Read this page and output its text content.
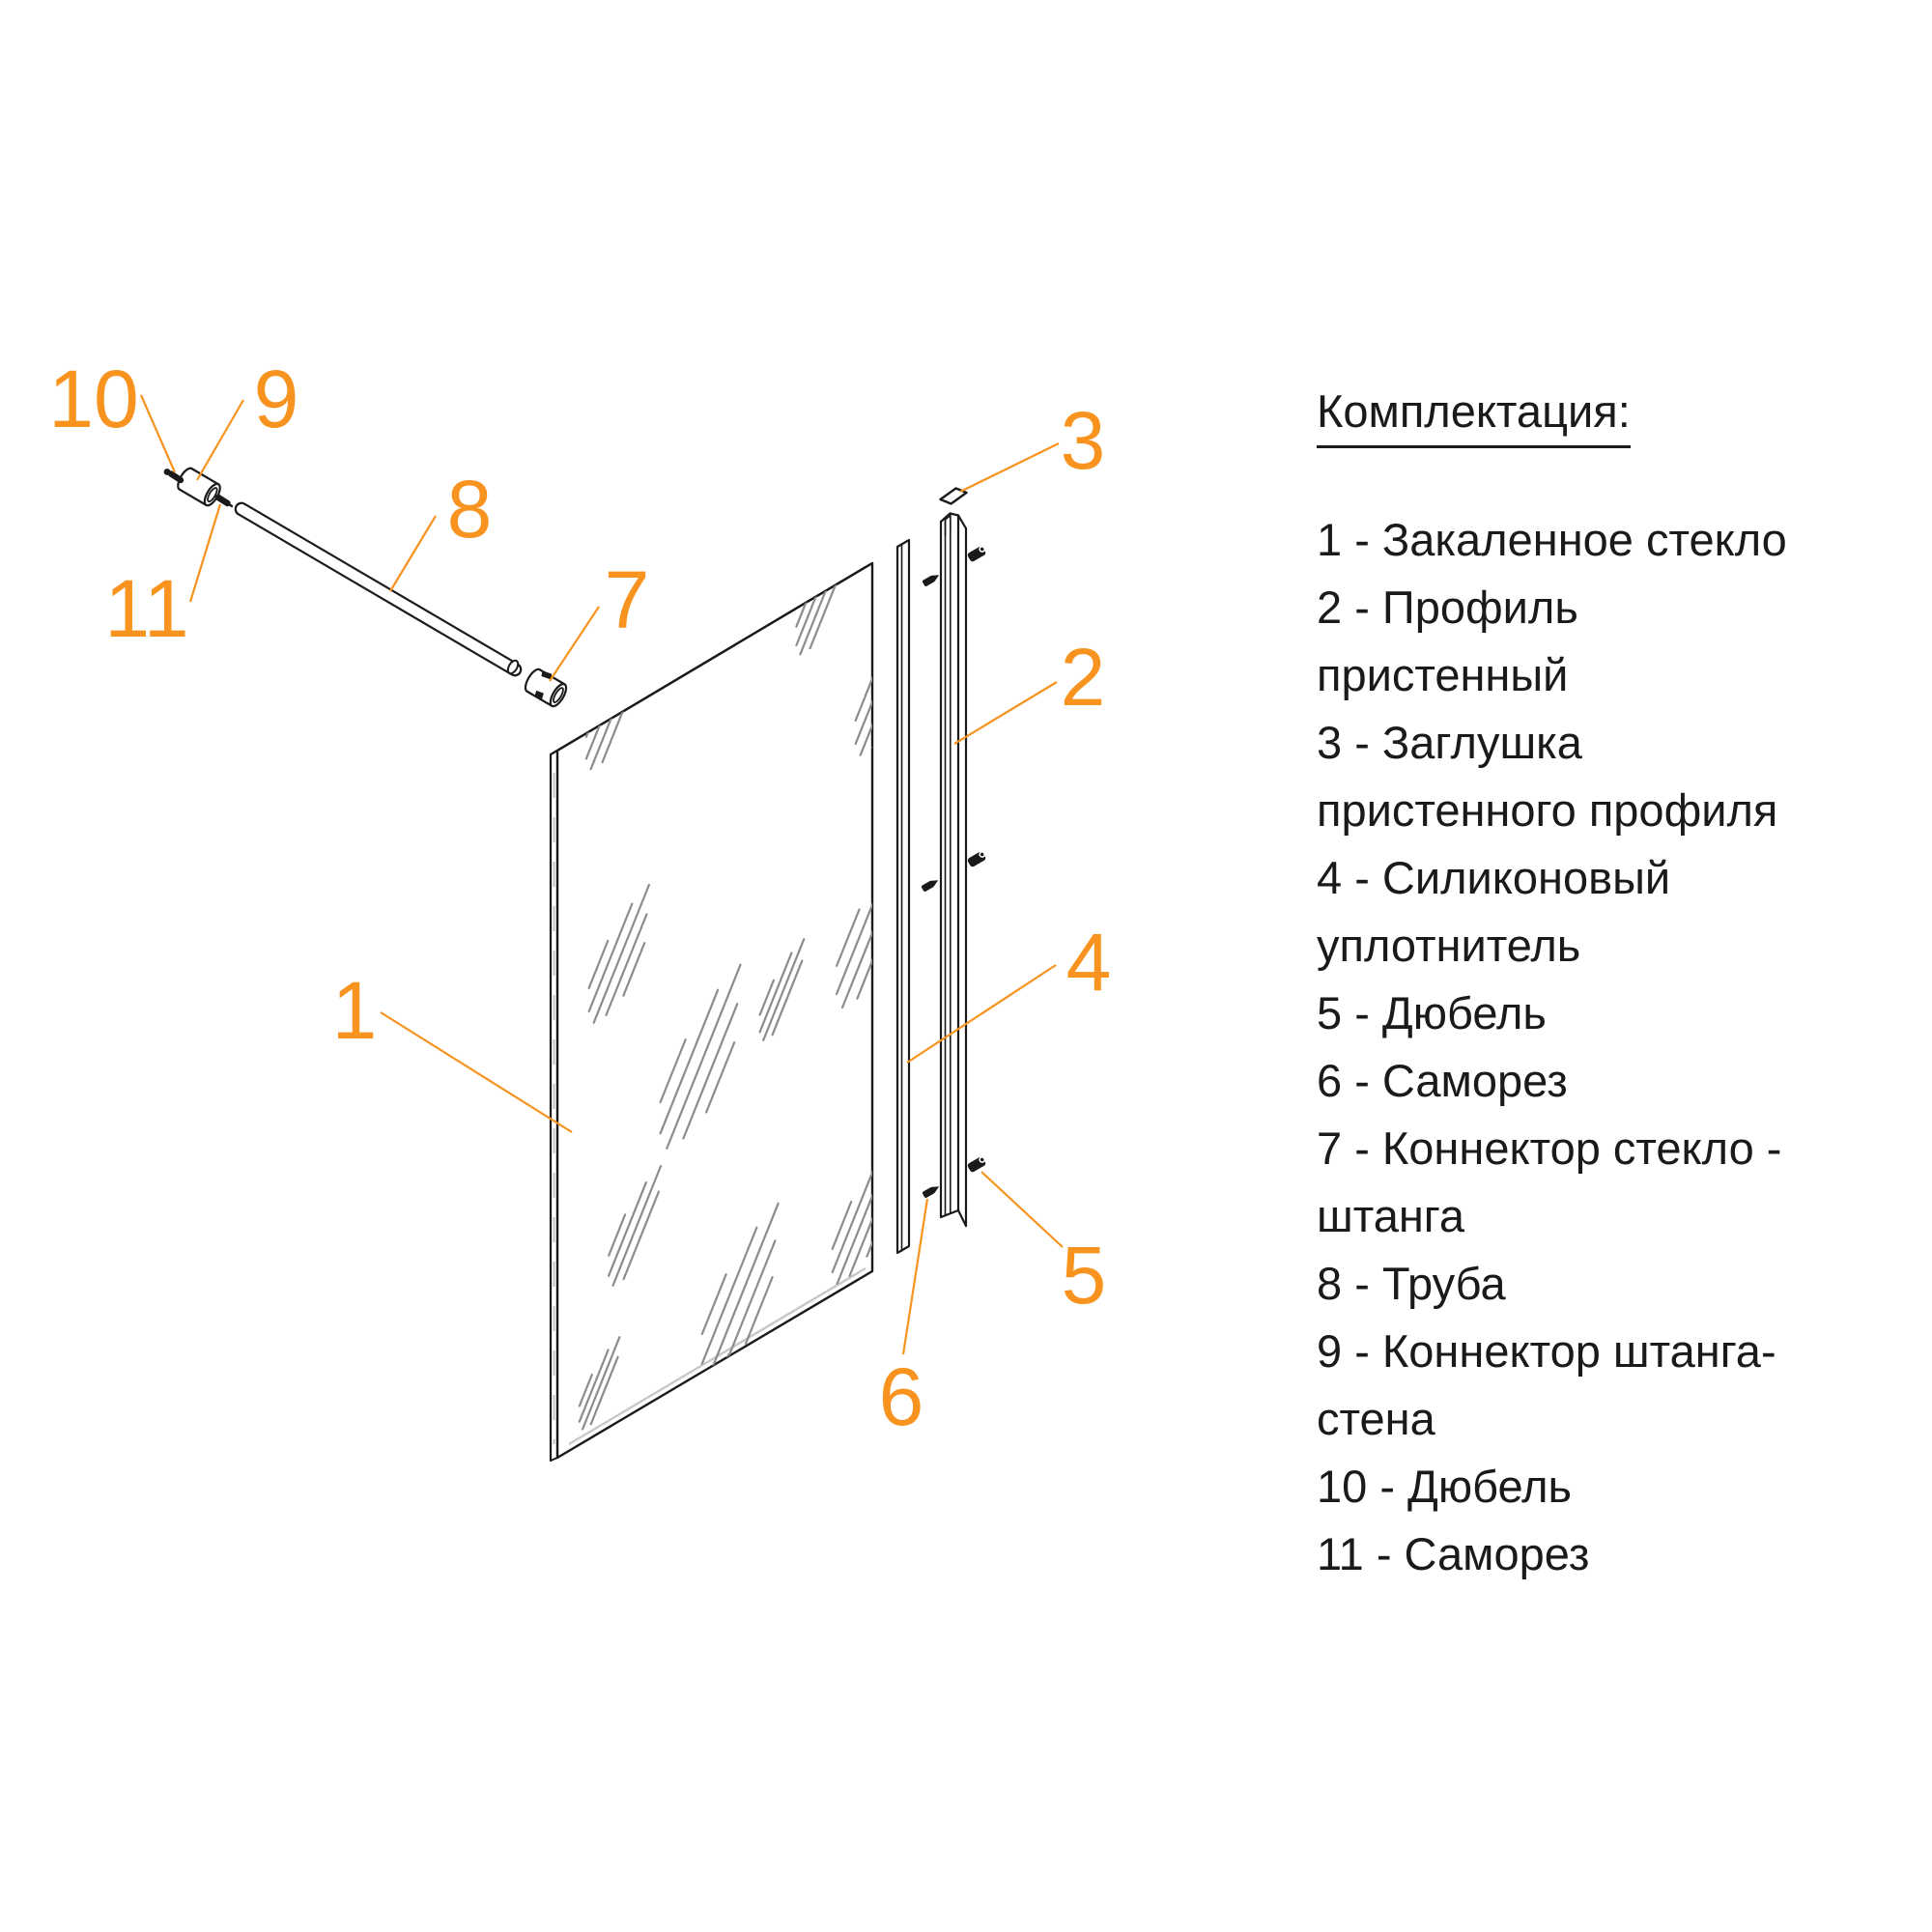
10 9
11
8
7
1
3
2
4
5
6
Комплектация:
1 - Закаленное стекло
2 - Профиль
пристенный
3 - Заглушка
пристенного профиля
4 - Силиконовый
уплотнитель
5 - Дюбель
6 - Саморез
7 - Коннектор стекло -
штанга
8 - Труба
9 - Коннектор штанга-
стена
10 - Дюбель
11 - Саморез
